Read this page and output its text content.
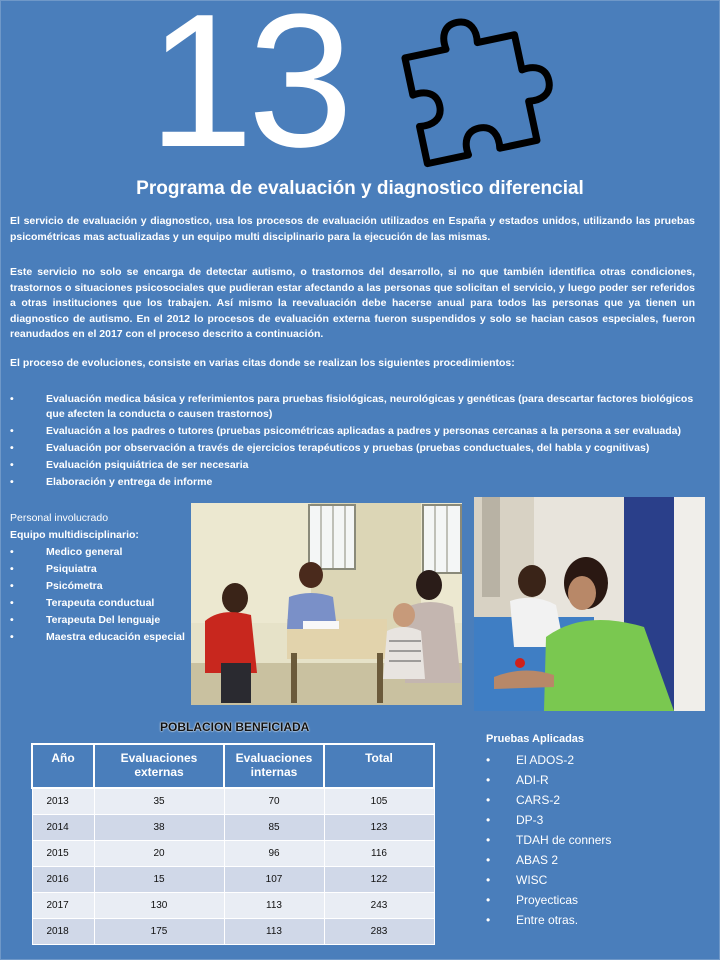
13
Programa de evaluación y diagnostico diferencial
El servicio de evaluación y diagnostico, usa los procesos de evaluación utilizados en España y estados unidos, utilizando las pruebas psicométricas mas actualizadas y un equipo multi disciplinario para la ejecución de las mismas.
Este servicio no solo se encarga de detectar autismo, o trastornos del desarrollo, si no que también identifica otras condiciones, trastornos o situaciones psicosociales que pudieran estar afectando a las personas que solicitan el servicio, y luego poder ser referidos a otras instituciones que los trabajen. Así mismo la reevaluación debe hacerse anual para todos las personas que ya tienen un diagnostico de autismo. En el 2012 lo procesos de evaluación externa fueron suspendidos y solo se hacian casos especiales, fueron reanudados en el 2017 con el proceso descrito a continuación.
El proceso de evoluciones, consiste en varias citas donde se realizan los siguientes procedimientos:
• Evaluación medica básica y referimientos para pruebas fisiológicas, neurológicas y genéticas (para descartar factores biológicos que afecten la conducta o causen trastornos)
• Evaluación a los padres o tutores (pruebas psicométricas aplicadas a padres y personas cercanas a la persona a ser evaluada)
• Evaluación por observación a través de ejercicios terapéuticos y pruebas (pruebas conductuales, del habla y cognitivas)
• Evaluación psiquiátrica de ser necesaria
• Elaboración y entrega de informe
Personal involucrado
Equipo multidisciplinario:
• Medico general
• Psiquiatra
• Psicómetra
• Terapeuta conductual
• Terapeuta Del lenguaje
• Maestra educación especial
POBLACION BENFICIADA
Año	Evaluaciones externas	Evaluaciones internas	Total
2013	35	70	105
2014	38	85	123
2015	20	96	116
2016	15	107	122
2017	130	113	243
2018	175	113	283
Pruebas Aplicadas
• El ADOS-2
• ADI-R
• CARS-2
• DP-3
• TDAH de conners
• ABAS 2
• WISC
• Proyecticas
• Entre otras.
